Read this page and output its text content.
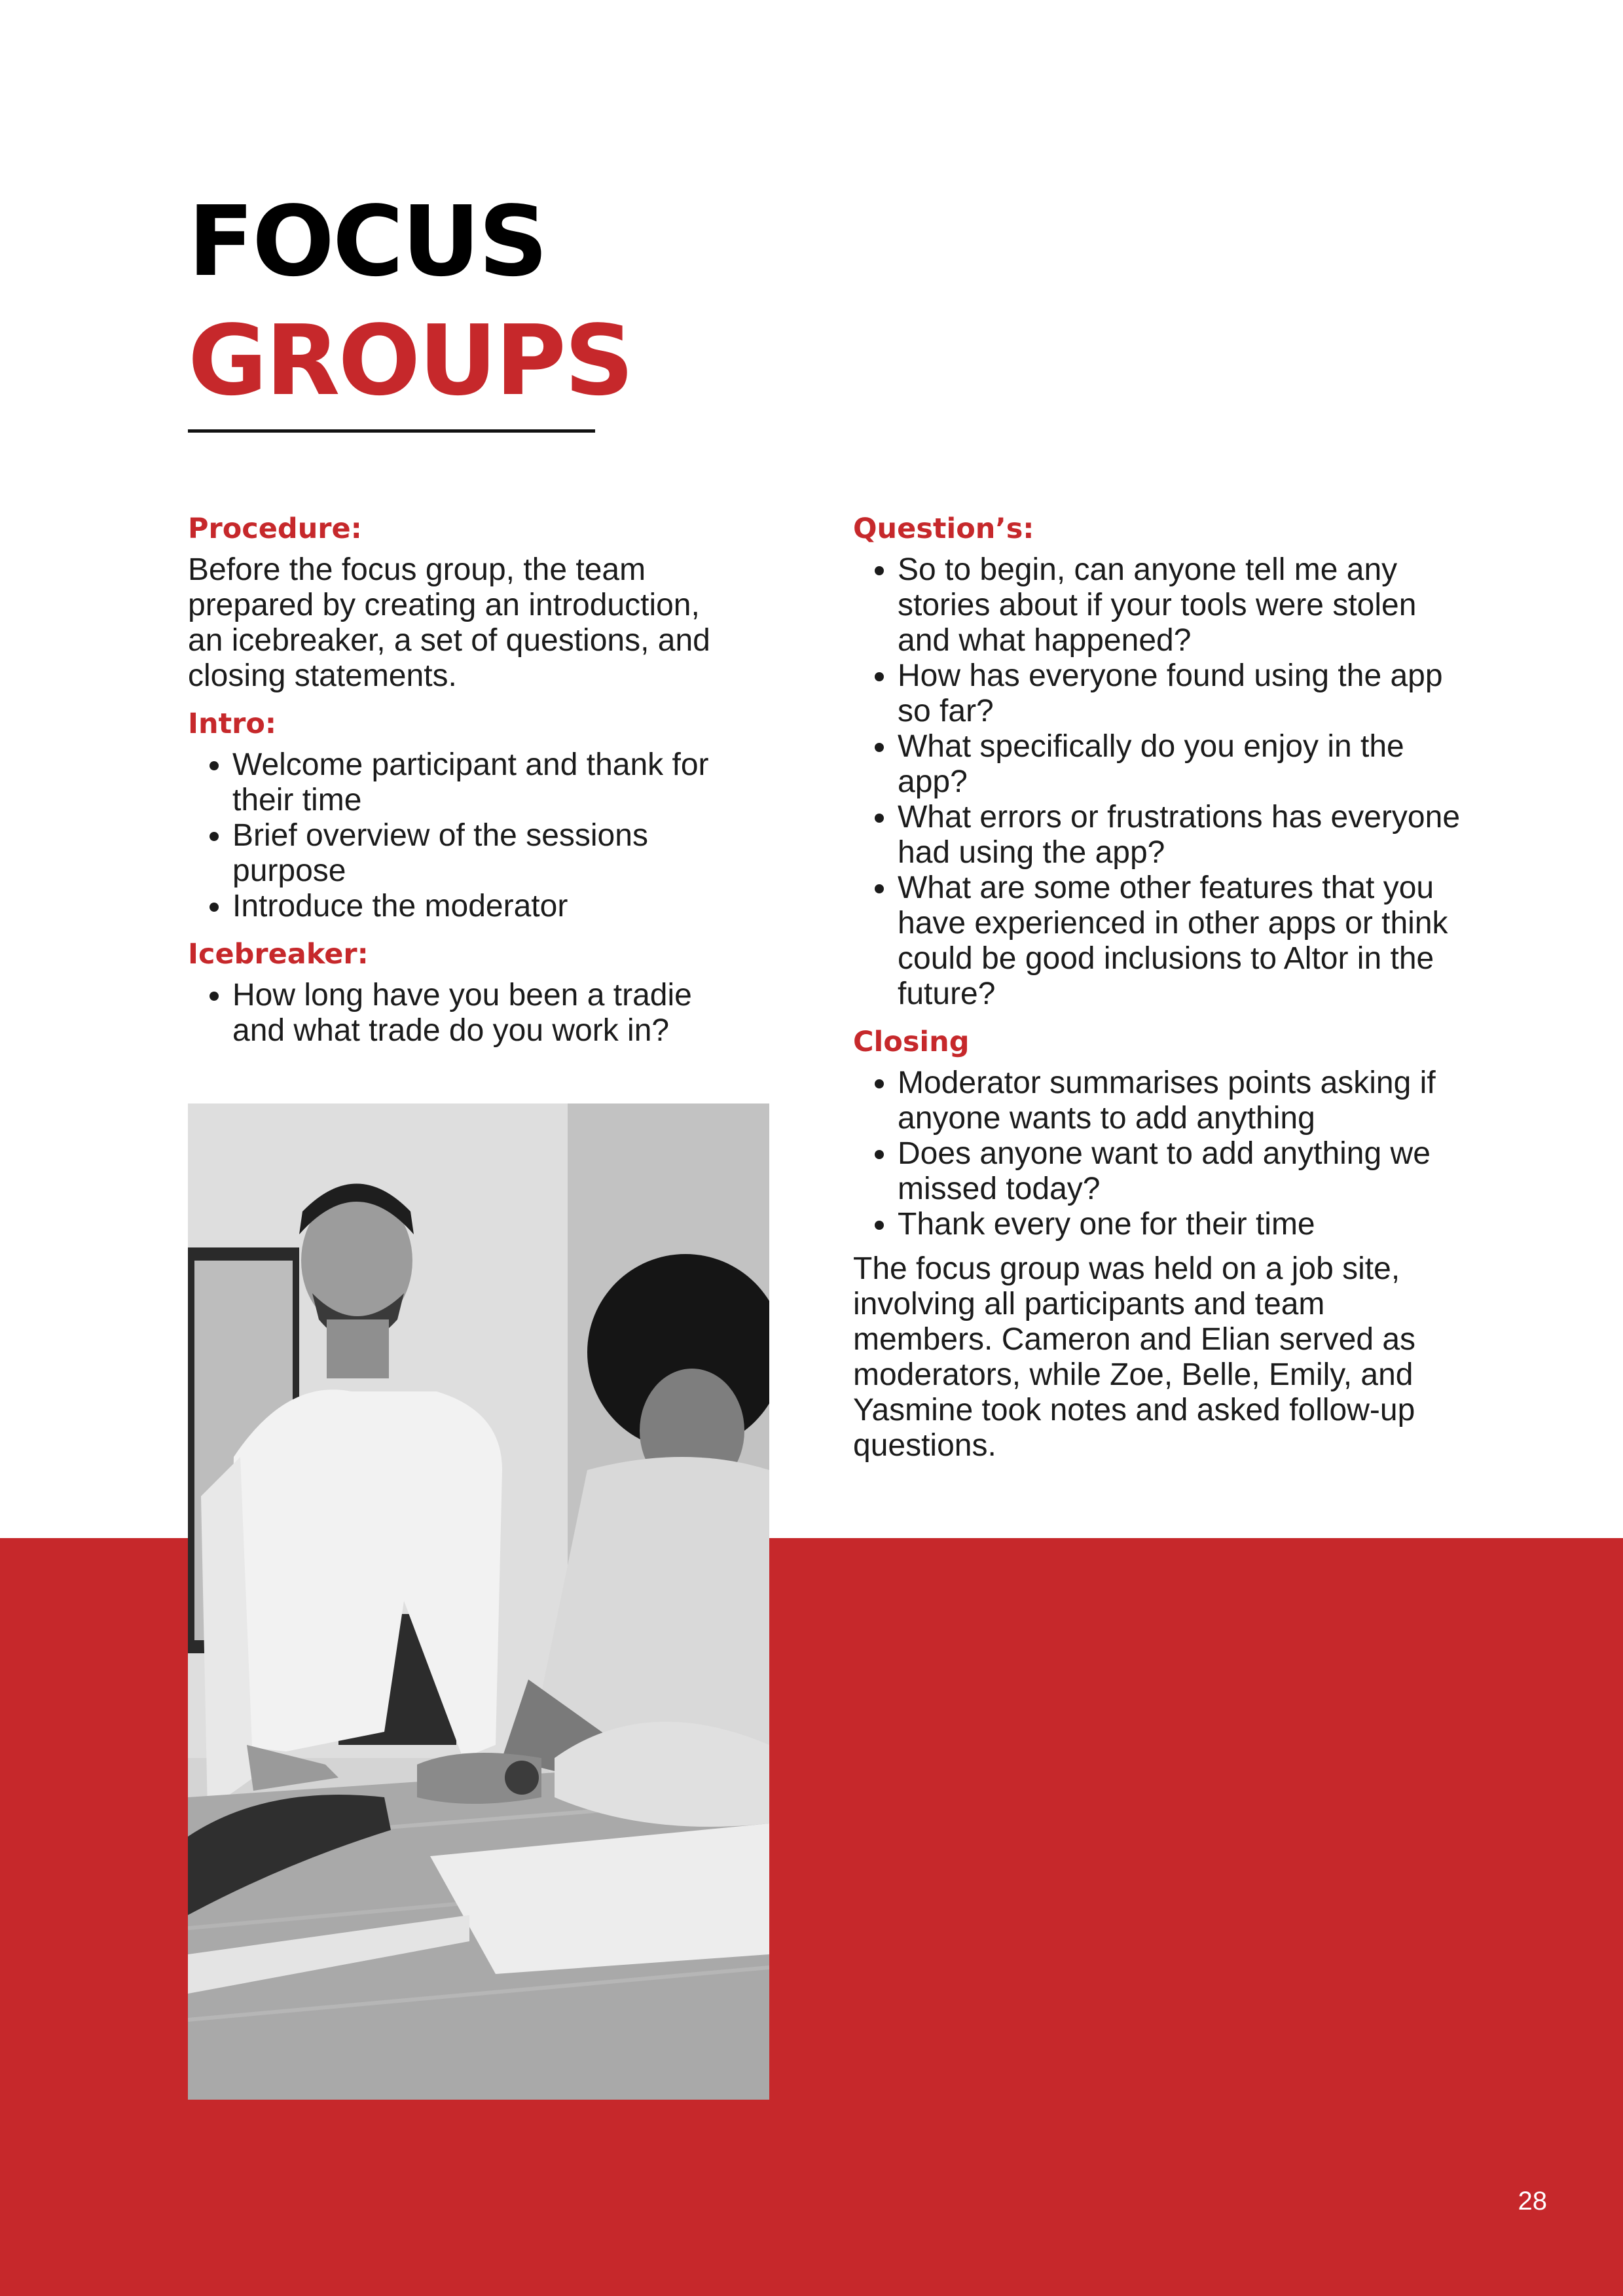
FOCUS
GROUPS
Procedure:

Before the focus group, the team prepared by creating an introduction, an icebreaker, a set of questions, and closing statements.

Intro:
• Welcome participant and thank for their time
• Brief overview of the sessions purpose
• Introduce the moderator
Icebreaker:
• How long have you been a tradie and what trade do you work in?
Question’s:
• So to begin, can anyone tell me any stories about if your tools were stolen and what happened?
• How has everyone found using the app so far?
• What specifically do you enjoy in the app?
• What errors or frustrations has everyone had using the app?
• What are some other features that you have experienced in other apps or think could be good inclusions to Altor in the future?
Closing
• Moderator summarises points asking if anyone wants to add anything
• Does anyone want to add anything we missed today?
• Thank every one for their time

The focus group was held on a job site, involving all participants and team members. Cameron and Elian served as moderators, while Zoe, Belle, Emily, and Yasmine took notes and asked follow-up questions.

28
